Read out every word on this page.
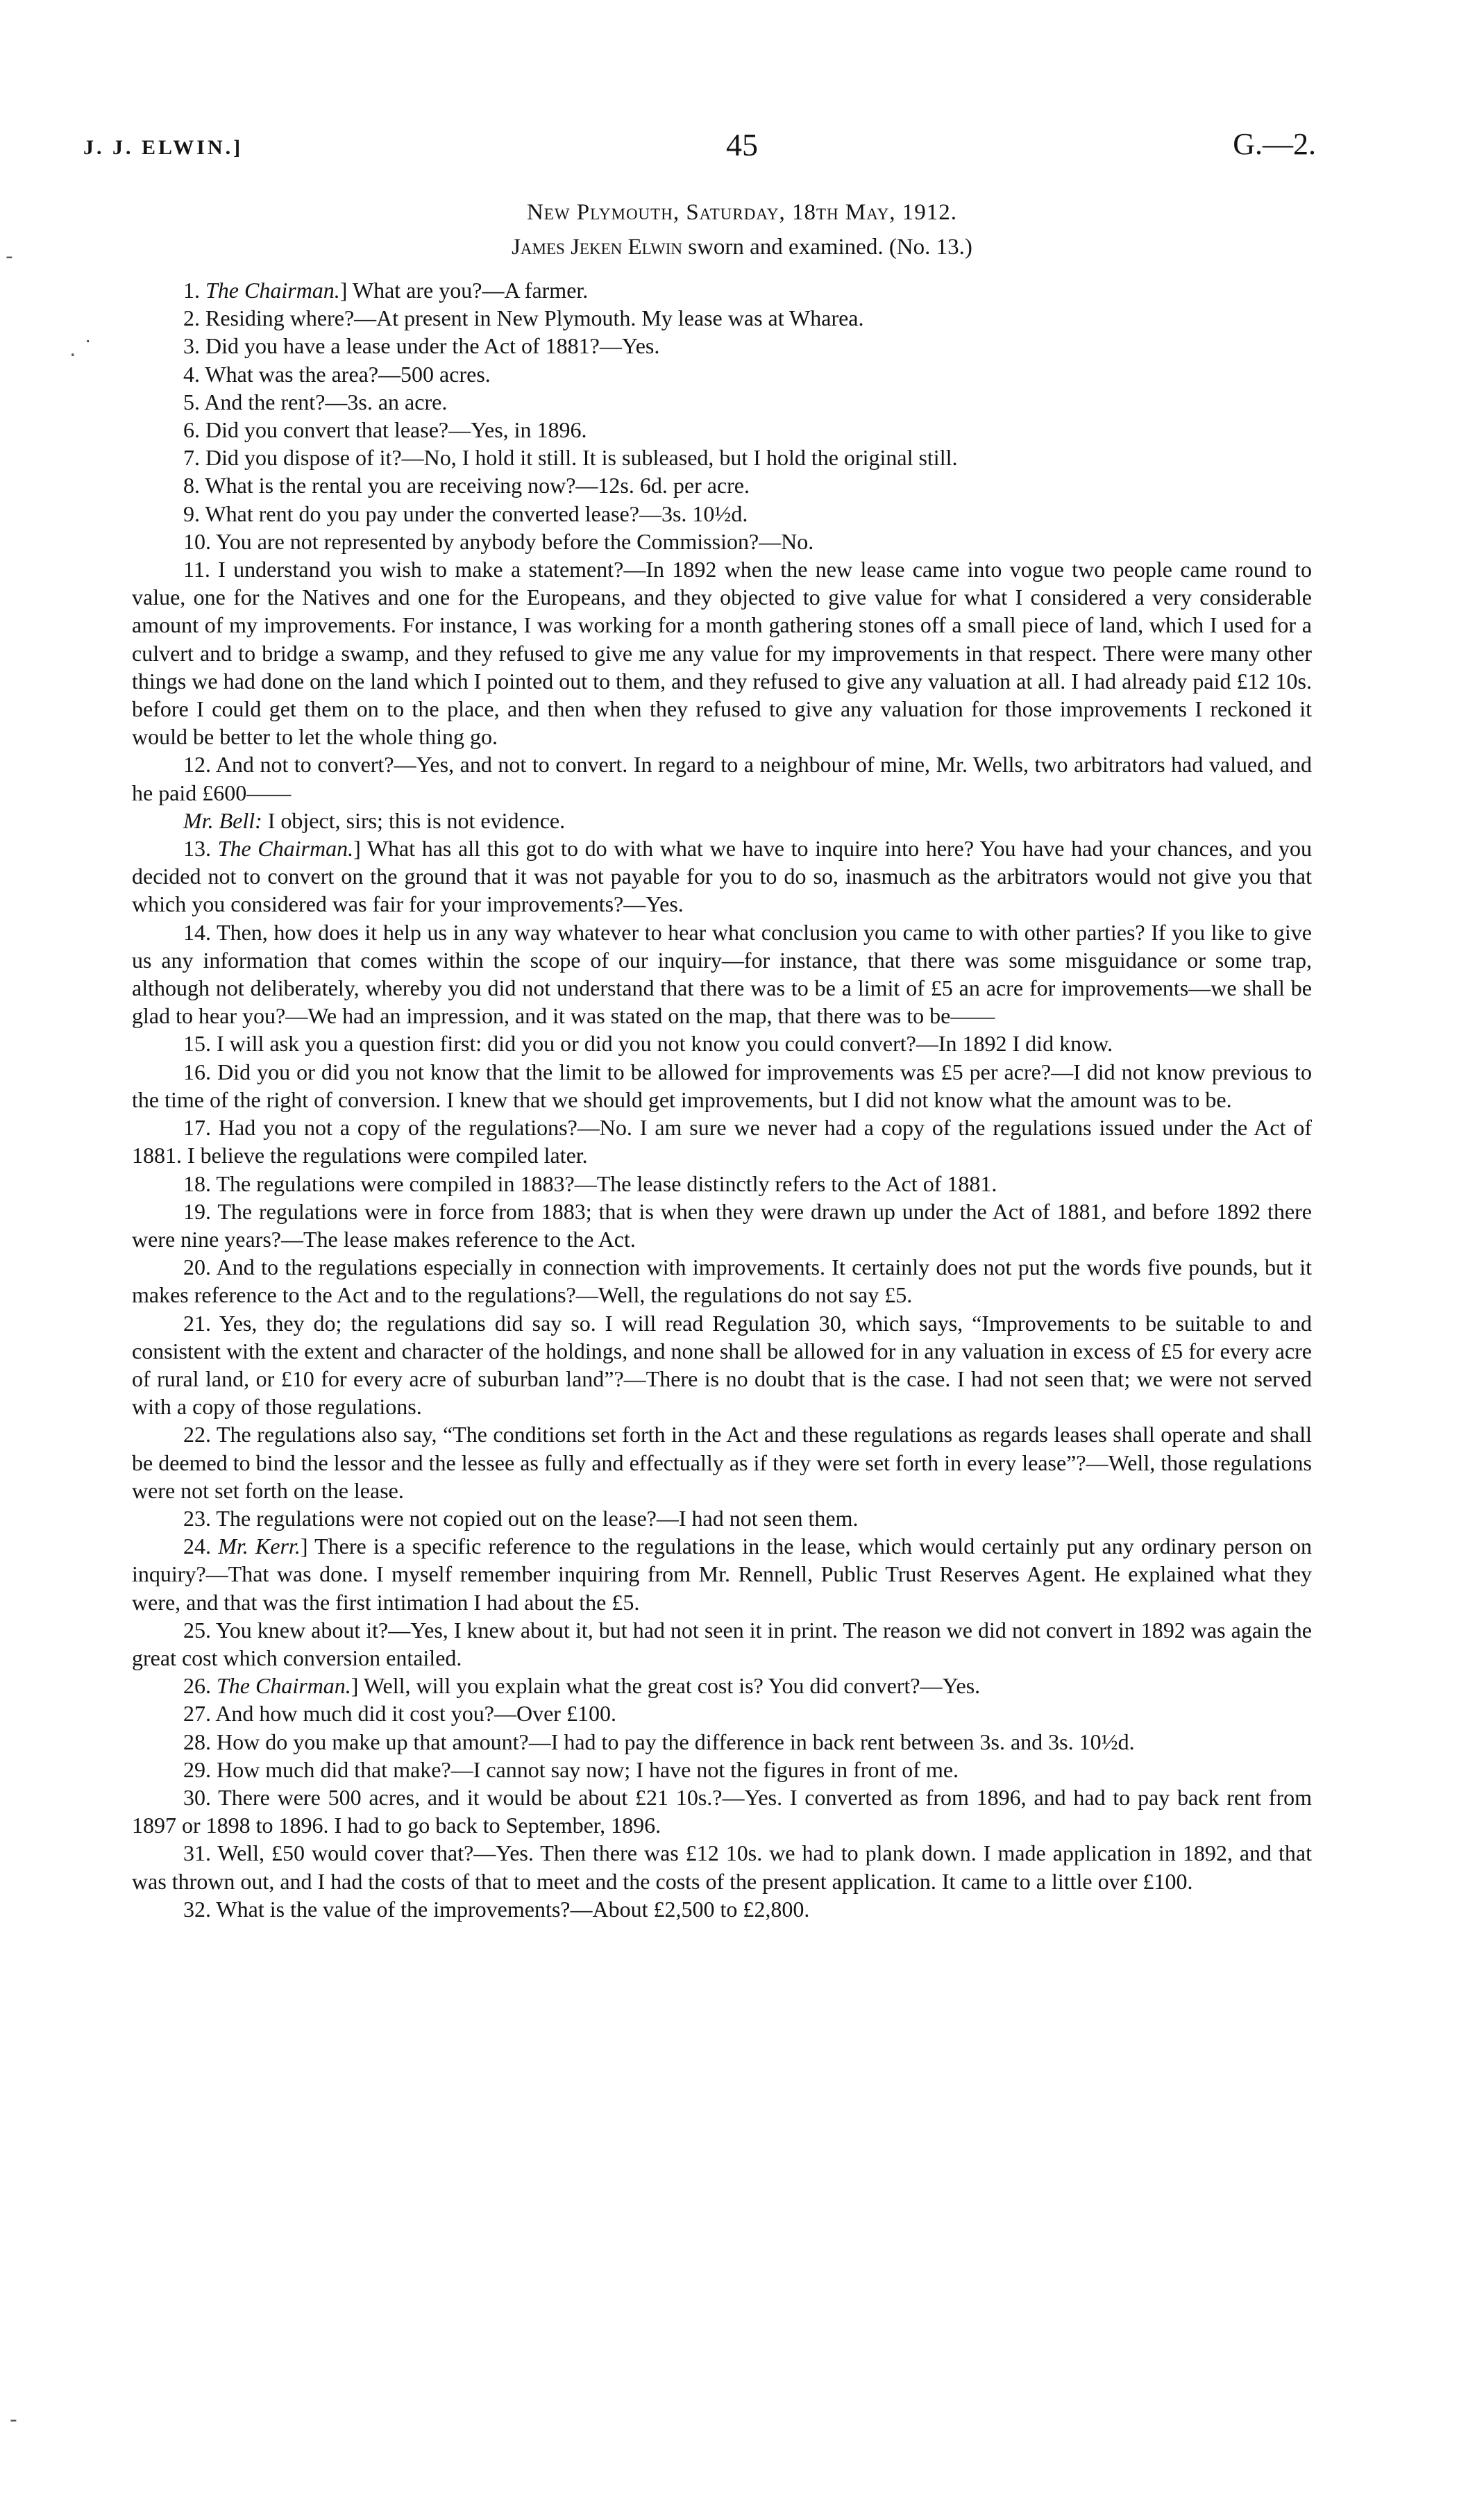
J. J. ELWIN.]	45	G.—2.
New Plymouth, Saturday, 18th May, 1912.
James Jeken Elwin sworn and examined. (No. 13.)

1. The Chairman.] What are you?—A farmer.

2. Residing where?—At present in New Plymouth. My lease was at Wharea.

3. Did you have a lease under the Act of 1881?—Yes.

4. What was the area?—500 acres.

5. And the rent?—3s. an acre.

6. Did you convert that lease?—Yes, in 1896.

7. Did you dispose of it?—No, I hold it still. It is subleased, but I hold the original still.

8. What is the rental you are receiving now?—12s. 6d. per acre.

9. What rent do you pay under the converted lease?—3s. 10½d.

10. You are not represented by anybody before the Commission?—No.

11. I understand you wish to make a statement?—In 1892 when the new lease came into vogue two people came round to value, one for the Natives and one for the Europeans, and they objected to give value for what I considered a very considerable amount of my improvements. For instance, I was working for a month gathering stones off a small piece of land, which I used for a culvert and to bridge a swamp, and they refused to give me any value for my improvements in that respect. There were many other things we had done on the land which I pointed out to them, and they refused to give any valuation at all. I had already paid £12 10s. before I could get them on to the place, and then when they refused to give any valuation for those improvements I reckoned it would be better to let the whole thing go.

12. And not to convert?—Yes, and not to convert. In regard to a neighbour of mine, Mr. Wells, two arbitrators had valued, and he paid £600——

Mr. Bell: I object, sirs; this is not evidence.

13. The Chairman.] What has all this got to do with what we have to inquire into here? You have had your chances, and you decided not to convert on the ground that it was not payable for you to do so, inasmuch as the arbitrators would not give you that which you considered was fair for your improvements?—Yes.

14. Then, how does it help us in any way whatever to hear what conclusion you came to with other parties? If you like to give us any information that comes within the scope of our inquiry—for instance, that there was some misguidance or some trap, although not deliberately, whereby you did not understand that there was to be a limit of £5 an acre for improvements—we shall be glad to hear you?—We had an impression, and it was stated on the map, that there was to be——

15. I will ask you a question first: did you or did you not know you could convert?—In 1892 I did know.

16. Did you or did you not know that the limit to be allowed for improvements was £5 per acre?—I did not know previous to the time of the right of conversion. I knew that we should get improvements, but I did not know what the amount was to be.

17. Had you not a copy of the regulations?—No. I am sure we never had a copy of the regulations issued under the Act of 1881. I believe the regulations were compiled later.

18. The regulations were compiled in 1883?—The lease distinctly refers to the Act of 1881.

19. The regulations were in force from 1883; that is when they were drawn up under the Act of 1881, and before 1892 there were nine years?—The lease makes reference to the Act.

20. And to the regulations especially in connection with improvements. It certainly does not put the words five pounds, but it makes reference to the Act and to the regulations?—Well, the regulations do not say £5.

21. Yes, they do; the regulations did say so. I will read Regulation 30, which says, “Improvements to be suitable to and consistent with the extent and character of the holdings, and none shall be allowed for in any valuation in excess of £5 for every acre of rural land, or £10 for every acre of suburban land”?—There is no doubt that is the case. I had not seen that; we were not served with a copy of those regulations.

22. The regulations also say, “The conditions set forth in the Act and these regulations as regards leases shall operate and shall be deemed to bind the lessor and the lessee as fully and effectually as if they were set forth in every lease”?—Well, those regulations were not set forth on the lease.

23. The regulations were not copied out on the lease?—I had not seen them.

24. Mr. Kerr.] There is a specific reference to the regulations in the lease, which would certainly put any ordinary person on inquiry?—That was done. I myself remember inquiring from Mr. Rennell, Public Trust Reserves Agent. He explained what they were, and that was the first intimation I had about the £5.

25. You knew about it?—Yes, I knew about it, but had not seen it in print. The reason we did not convert in 1892 was again the great cost which conversion entailed.

26. The Chairman.] Well, will you explain what the great cost is? You did convert?—Yes.

27. And how much did it cost you?—Over £100.

28. How do you make up that amount?—I had to pay the difference in back rent between 3s. and 3s. 10½d.

29. How much did that make?—I cannot say now; I have not the figures in front of me.

30. There were 500 acres, and it would be about £21 10s.?—Yes. I converted as from 1896, and had to pay back rent from 1897 or 1898 to 1896. I had to go back to September, 1896.

31. Well, £50 would cover that?—Yes. Then there was £12 10s. we had to plank down. I made application in 1892, and that was thrown out, and I had the costs of that to meet and the costs of the present application. It came to a little over £100.

32. What is the value of the improvements?—About £2,500 to £2,800.

-
. ˙
-
